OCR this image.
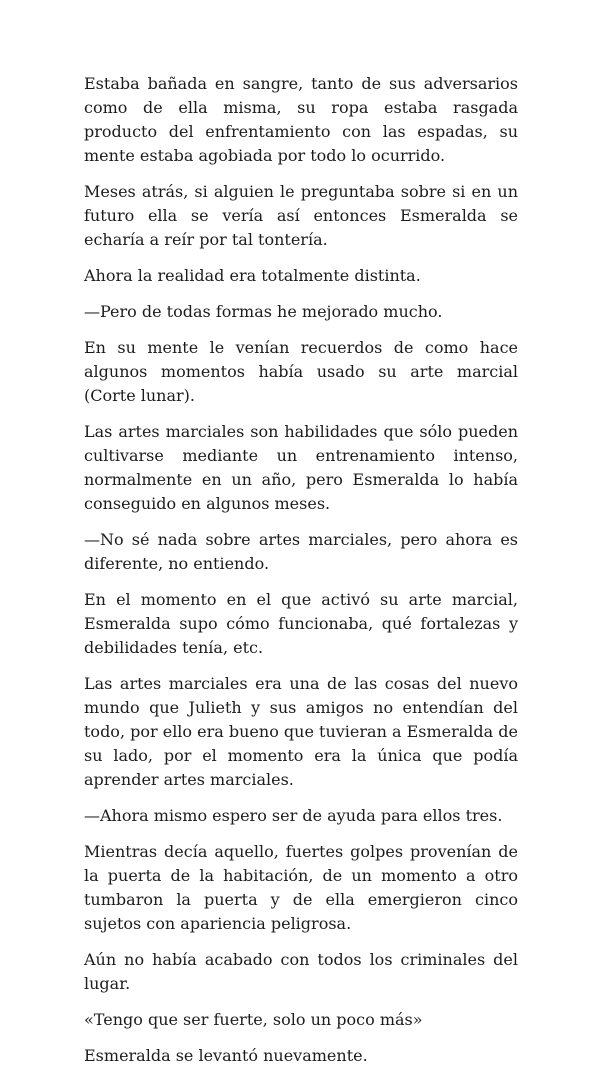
Estaba bañada en sangre, tanto de sus adversarios como de ella misma, su ropa estaba rasgada producto del enfrentamiento con las espadas, su mente estaba agobiada por todo lo ocurrido.

Meses atrás, si alguien le preguntaba sobre si en un futuro ella se vería así entonces Esmeralda se echaría a reír por tal tontería.

Ahora la realidad era totalmente distinta.

—Pero de todas formas he mejorado mucho.

En su mente le venían recuerdos de como hace algunos momentos había usado su arte marcial (Corte lunar).

Las artes marciales son habilidades que sólo pueden cultivarse mediante un entrenamiento intenso, normalmente en un año, pero Esmeralda lo había conseguido en algunos meses.

—No sé nada sobre artes marciales, pero ahora es diferente, no entiendo.

En el momento en el que activó su arte marcial, Esmeralda supo cómo funcionaba, qué fortalezas y debilidades tenía, etc.

Las artes marciales era una de las cosas del nuevo mundo que Julieth y sus amigos no entendían del todo, por ello era bueno que tuvieran a Esmeralda de su lado, por el momento era la única que podía aprender artes marciales.

—Ahora mismo espero ser de ayuda para ellos tres.

Mientras decía aquello, fuertes golpes provenían de la puerta de la habitación, de un momento a otro tumbaron la puerta y de ella emergieron cinco sujetos con apariencia peligrosa.

Aún no había acabado con todos los criminales del lugar.

«Tengo que ser fuerte, solo un poco más»

Esmeralda se levantó nuevamente.
